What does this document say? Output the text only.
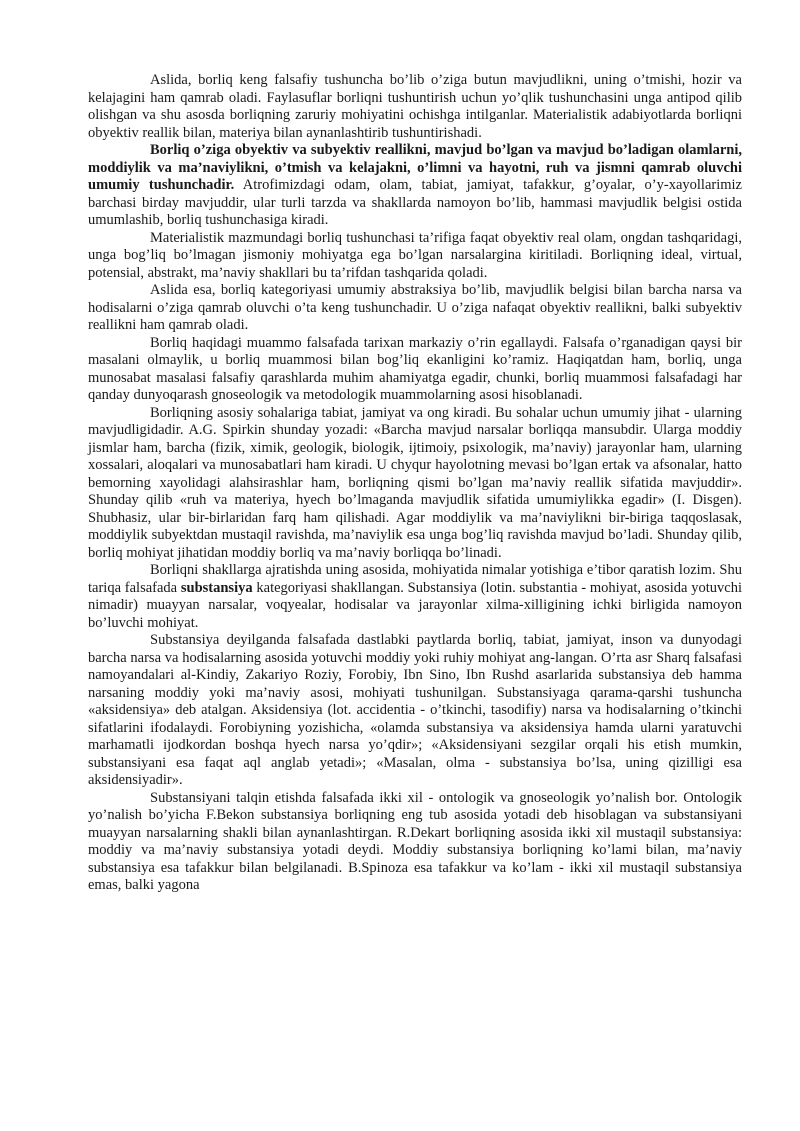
Aslida, borliq keng falsafiy tushuncha bo’lib o’ziga butun mavjudlikni, uning o’tmishi, hozir va kelajagini ham qamrab oladi. Faylasuflar borliqni tushuntirish uchun yo’qlik tushunchasini unga antipod qilib olishgan va shu asosda borliqning zaruriy mohiyatini ochishga intilganlar. Materialistik adabiyotlarda borliqni obyektiv reallik bilan, materiya bilan aynanlashtirib tushuntirishadi.

Borliq o’ziga obyektiv va subyektiv reallikni, mavjud bo’lgan va mavjud bo’ladigan olamlarni, moddiylik va ma’naviylikni, o’tmish va kelajakni, o’limni va hayotni, ruh va jismni qamrab oluvchi umumiy tushunchadir. Atrofimizdagi odam, olam, tabiat, jamiyat, tafakkur, g’oyalar, o’y-xayollarimiz barchasi birday mavjuddir, ular turli tarzda va shakllarda namoyon bo’lib, hammasi mavjudlik belgisi ostida umumlashib, borliq tushunchasiga kiradi.

Materialistik mazmundagi borliq tushunchasi ta’rifiga faqat obyektiv real olam, ongdan tashqaridagi, unga bog’liq bo’lmagan jismoniy mohiyatga ega bo’lgan narsalargina kiritiladi. Borliqning ideal, virtual, potensial, abstrakt, ma’naviy shakllari bu ta’rifdan tashqarida qoladi.

Aslida esa, borliq kategoriyasi umumiy abstraksiya bo’lib, mavjudlik belgisi bilan barcha narsa va hodisalarni o’ziga qamrab oluvchi o’ta keng tushunchadir. U o’ziga nafaqat obyektiv reallikni, balki subyektiv reallikni ham qamrab oladi.

Borliq haqidagi muammo falsafada tarixan markaziy o’rin egallaydi. Falsafa o’rganadigan qaysi bir masalani olmaylik, u borliq muammosi bilan bog’liq ekanligini ko’ramiz. Haqiqatdan ham, borliq, unga munosabat masalasi falsafiy qarashlarda muhim ahamiyatga egadir, chunki, borliq muammosi falsafadagi har qanday dunyoqarash gnoseologik va metodologik muammolarning asosi hisoblanadi.

Borliqning asosiy sohalariga tabiat, jamiyat va ong kiradi. Bu sohalar uchun umumiy jihat - ularning mavjudligidadir. A.G. Spirkin shunday yozadi: «Barcha mavjud narsalar borliqqa mansubdir. Ularga moddiy jismlar ham, barcha (fizik, ximik, geologik, biologik, ijtimoiy, psixologik, ma’naviy) jarayonlar ham, ularning xossalari, aloqalari va munosabatlari ham kiradi. U chyqur hayolotning mevasi bo’lgan ertak va afsonalar, hatto bemorning xayolidagi alahsirashlar ham, borliqning qismi bo’lgan ma’naviy reallik sifatida mavjuddir». Shunday qilib «ruh va materiya, hyech bo’lmaganda mavjudlik sifatida umumiylikka egadir» (I. Disgen). Shubhasiz, ular bir-birlaridan farq ham qilishadi. Agar moddiylik va ma’naviylikni bir-biriga taqqoslasak, moddiylik subyektdan mustaqil ravishda, ma’naviylik esa unga bog’liq ravishda mavjud bo’ladi. Shunday qilib, borliq mohiyat jihatidan moddiy borliq va ma’naviy borliqqa bo’linadi.

Borliqni shakllarga ajratishda uning asosida, mohiyatida nimalar yotishiga e’tibor qaratish lozim. Shu tariqa falsafada substansiya kategoriyasi shakllangan. Substansiya (lotin. substantia - mohiyat, asosida yotuvchi nimadir) muayyan narsalar, voqyealar, hodisalar va jarayonlar xilma-xilligining ichki birligida namoyon bo’luvchi mohiyat.

Substansiya deyilganda falsafada dastlabki paytlarda borliq, tabiat, jamiyat, inson va dunyodagi barcha narsa va hodisalarning asosida yotuvchi moddiy yoki ruhiy mohiyat ang-langan. O’rta asr Sharq falsafasi namoyandalari al-Kindiy, Zakariyo Roziy, Forobiy, Ibn Sino, Ibn Rushd asarlarida substansiya deb hamma narsaning moddiy yoki ma’naviy asosi, mohiyati tushunilgan. Substansiyaga qarama-qarshi tushuncha «aksidensiya» deb atalgan. Aksidensiya (lot. accidentia - o’tkinchi, tasodifiy) narsa va hodisalarning o’tkinchi sifatlarini ifodalaydi. Forobiyning yozishicha, «olamda substansiya va aksidensiya hamda ularni yaratuvchi marhamatli ijodkordan boshqa hyech narsa yo’qdir»; «Aksidensiyani sezgilar orqali his etish mumkin, substansiyani esa faqat aql anglab yetadi»; «Masalan, olma - substansiya bo’lsa, uning qizilligi esa aksidensiyadir».

Substansiyani talqin etishda falsafada ikki xil - ontologik va gnoseologik yo’nalish bor. Ontologik yo’nalish bo’yicha F.Bekon substansiya borliqning eng tub asosida yotadi deb hisoblagan va substansiyani muayyan narsalarning shakli bilan aynanlashtirgan. R.Dekart borliqning asosida ikki xil mustaqil substansiya: moddiy va ma’naviy substansiya yotadi deydi. Moddiy substansiya borliqning ko’lami bilan, ma’naviy substansiya esa tafakkur bilan belgilanadi. B.Spinoza esa tafakkur va ko’lam - ikki xil mustaqil substansiya emas, balki yagona
